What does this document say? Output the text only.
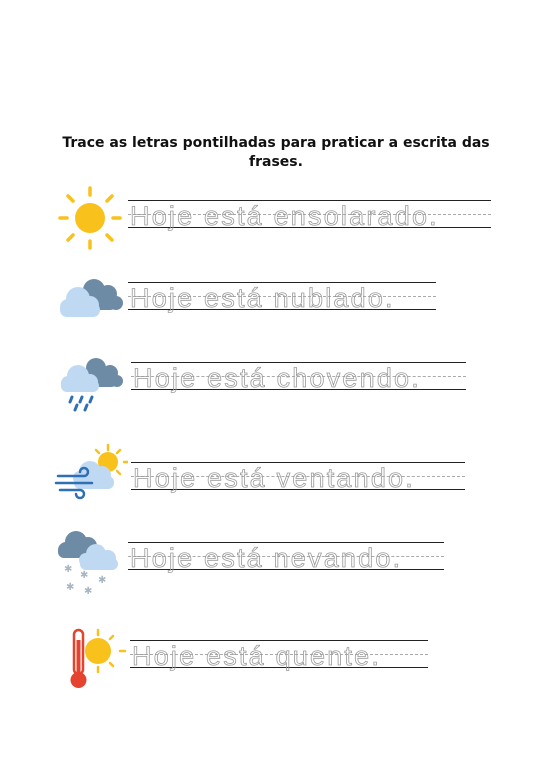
Trace as letras pontilhadas para praticar a escrita das frases.
Hoje está ensolarado.
Hoje está nublado.
Hoje está chovendo.
Hoje está ventando.
✱
✱ ✱
✱ ✱
Hoje está nevando.
Hoje está quente.
